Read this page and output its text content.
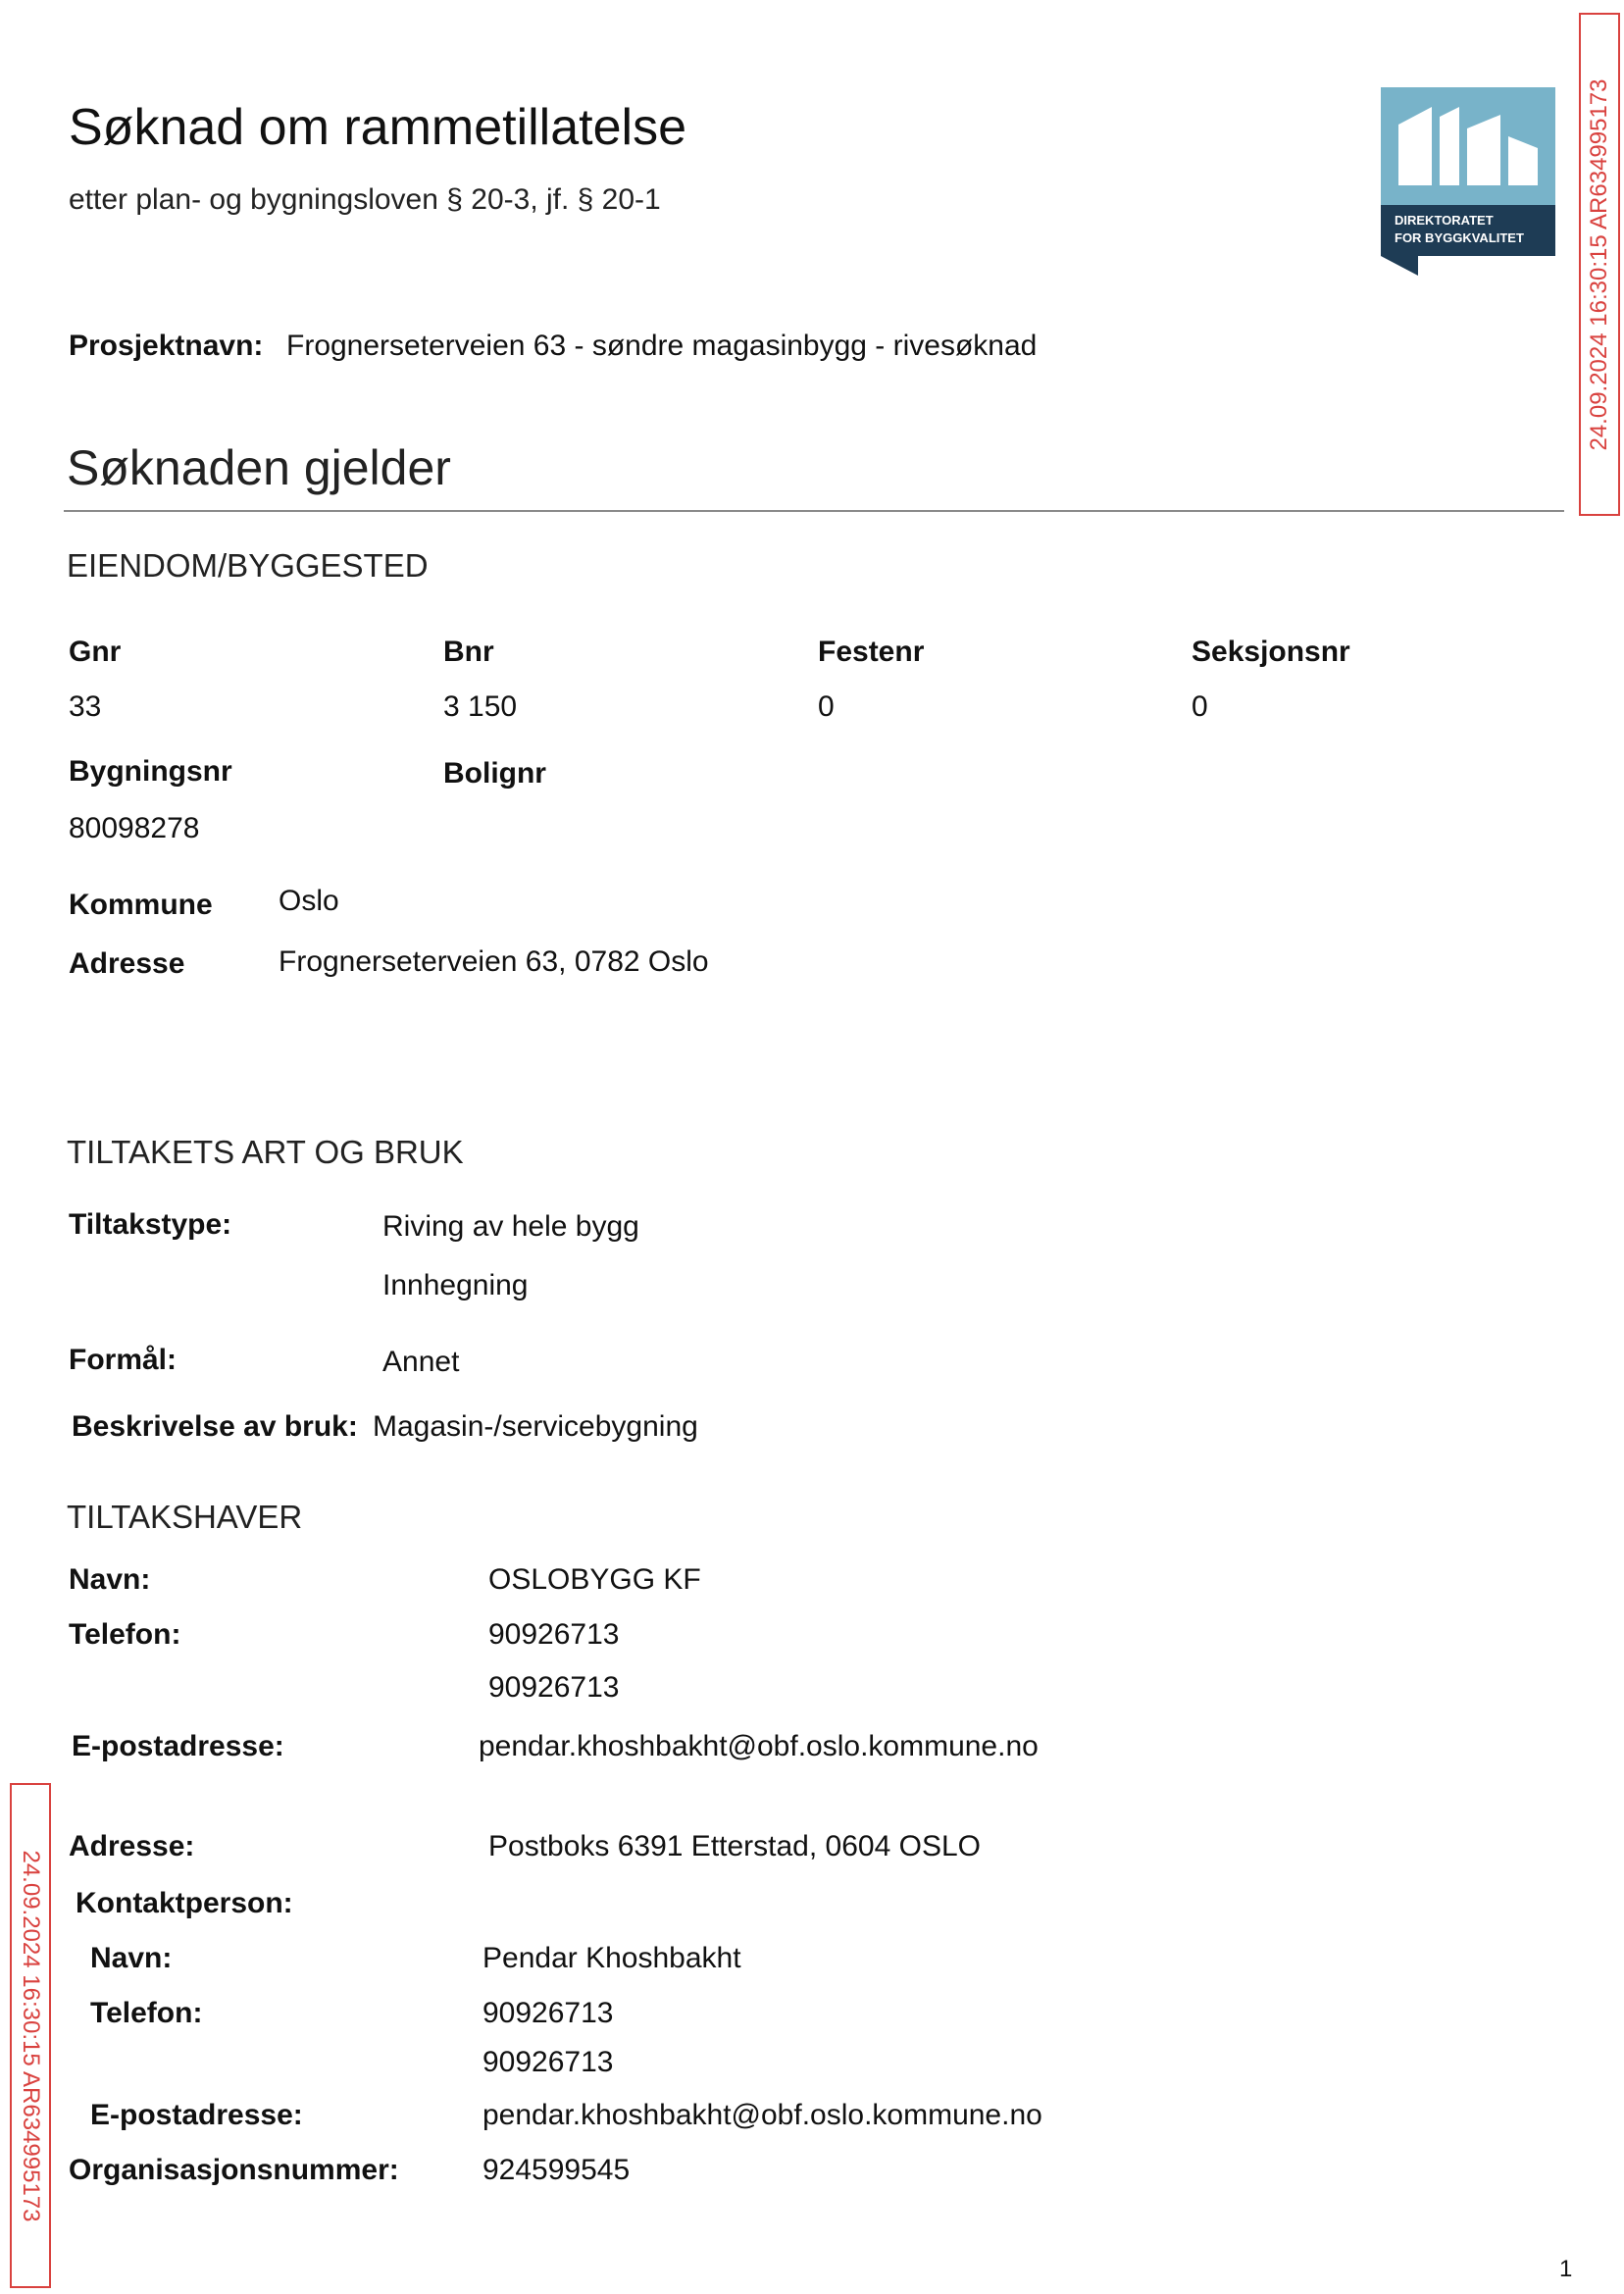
Søknad om rammetillatelse
etter plan- og bygningsloven § 20-3, jf. § 20-1
DIREKTORATET
FOR BYGGKVALITET	24.09.2024 16:30:15 AR634995173
24.09.2024 16:30:15 AR634995173
Prosjektnavn: Frognerseterveien 63 - søndre magasinbygg - rivesøknad
Søknaden gjelder
EIENDOM/BYGGESTED
Gnr	Bnr	Festenr	Seksjonsnr
33	3 150	0	0
Bygningsnr	Bolignr
80098278
Kommune Oslo
Adresse	Frognerseterveien 63, 0782 Oslo
TILTAKETS ART OG BRUK
Tiltakstype:	Riving av hele bygg
Innhegning
Formål:	Annet
Beskrivelse av bruk: Magasin-/servicebygning
TILTAKSHAVER
Navn:	OSLOBYGG KF
Telefon:	90926713
90926713
E-postadresse:	pendar.khoshbakht@obf.oslo.kommune.no
Adresse:	Postboks 6391 Etterstad, 0604 OSLO
Kontaktperson:
Navn:	Pendar Khoshbakht
Telefon:	90926713
90926713
E-postadresse:	pendar.khoshbakht@obf.oslo.kommune.no
Organisasjonsnummer:	924599545
1
